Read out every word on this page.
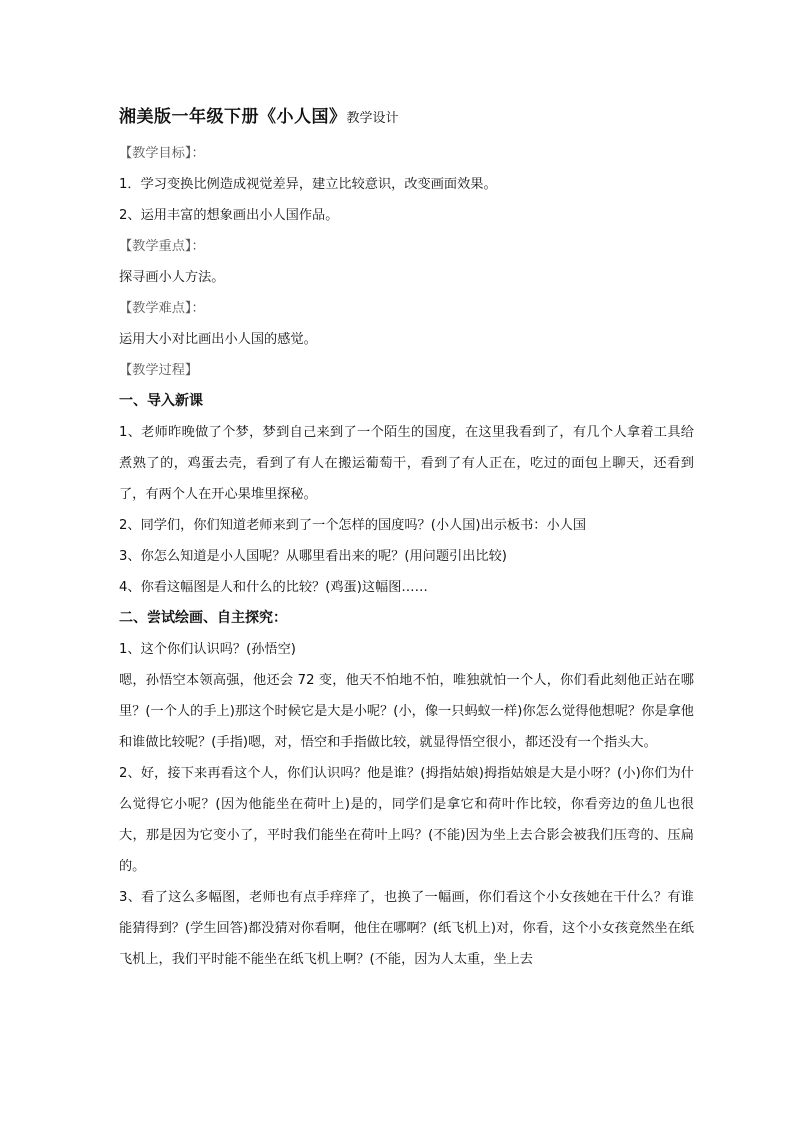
湘美版一年级下册《小人国》教学设计

【教学目标】：

1．学习变换比例造成视觉差异，建立比较意识，改变画面效果。

2、运用丰富的想象画出小人国作品。

【教学重点】：

探寻画小人方法。

【教学难点】：

运用大小对比画出小人国的感觉。

【教学过程】

一、导入新课

1、老师昨晚做了个梦，梦到自己来到了一个陌生的国度，在这里我看到了，有几个人拿着工具给煮熟了的，鸡蛋去壳，看到了有人在搬运葡萄干，看到了有人正在，吃过的面包上聊天，还看到了，有两个人在开心果堆里探秘。

2、同学们，你们知道老师来到了一个怎样的国度吗？(小人国)出示板书：小人国

3、你怎么知道是小人国呢？从哪里看出来的呢？(用问题引出比较)

4、你看这幅图是人和什么的比较？(鸡蛋)这幅图……

二、尝试绘画、自主探究：

1、这个你们认识吗？(孙悟空)

嗯，孙悟空本领高强，他还会 72 变，他天不怕地不怕，唯独就怕一个人，你们看此刻他正站在哪里？(一个人的手上)那这个时候它是大是小呢？(小，像一只蚂蚁一样)你怎么觉得他想呢？你是拿他和谁做比较呢？(手指)嗯，对，悟空和手指做比较，就显得悟空很小，都还没有一个指头大。

2、好，接下来再看这个人，你们认识吗？他是谁？(拇指姑娘)拇指姑娘是大是小呀？(小)你们为什么觉得它小呢？(因为他能坐在荷叶上)是的，同学们是拿它和荷叶作比较，你看旁边的鱼儿也很大，那是因为它变小了，平时我们能坐在荷叶上吗？(不能)因为坐上去合影会被我们压弯的、压扁的。

3、看了这么多幅图，老师也有点手痒痒了，也换了一幅画，你们看这个小女孩她在干什么？有谁能猜得到？(学生回答)都没猜对你看啊，他住在哪啊？(纸飞机上)对，你看，这个小女孩竟然坐在纸飞机上，我们平时能不能坐在纸飞机上啊？(不能，因为人太重，坐上去
